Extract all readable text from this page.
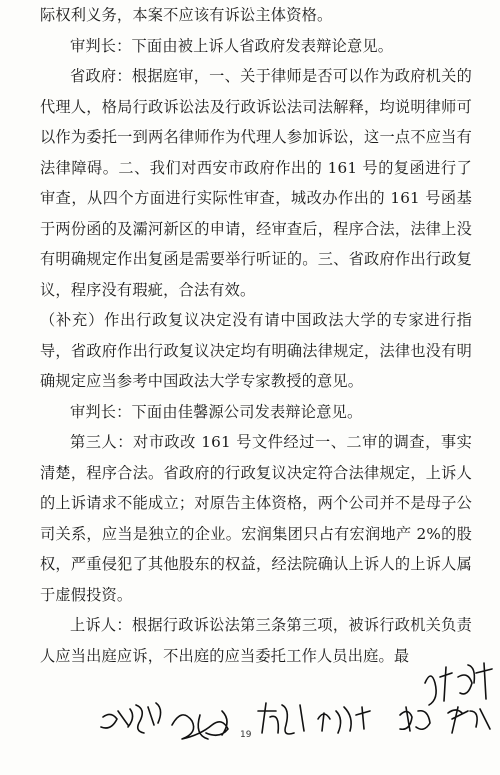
际权利义务，本案不应该有诉讼主体资格。

审判长：下面由被上诉人省政府发表辩论意见。

省政府：根据庭审，一、关于律师是否可以作为政府机关的代理人，格局行政诉讼法及行政诉讼法司法解释，均说明律师可以作为委托一到两名律师作为代理人参加诉讼，这一点不应当有法律障碍。二、我们对西安市政府作出的 161 号的复函进行了审查，从四个方面进行实际性审查，城改办作出的 161 号函基于两份函的及灞河新区的申请，经审查后，程序合法，法律上没有明确规定作出复函是需要举行听证的。三、省政府作出行政复议，程序没有瑕疵，合法有效。

（补充）作出行政复议决定没有请中国政法大学的专家进行指导，省政府作出行政复议决定均有明确法律规定，法律也没有明确规定应当参考中国政法大学专家教授的意见。

审判长：下面由佳馨源公司发表辩论意见。

第三人：对市政改 161 号文件经过一、二审的调查，事实清楚，程序合法。省政府的行政复议决定符合法律规定，上诉人的上诉请求不能成立；对原告主体资格，两个公司并不是母子公司关系，应当是独立的企业。宏润集团只占有宏润地产 2%的股权，严重侵犯了其他股东的权益，经法院确认上诉人的上诉人属于虚假投资。

上诉人：根据行政诉讼法第三条第三项，被诉行政机关负责人应当出庭应诉，不出庭的应当委托工作人员出庭。最

19
